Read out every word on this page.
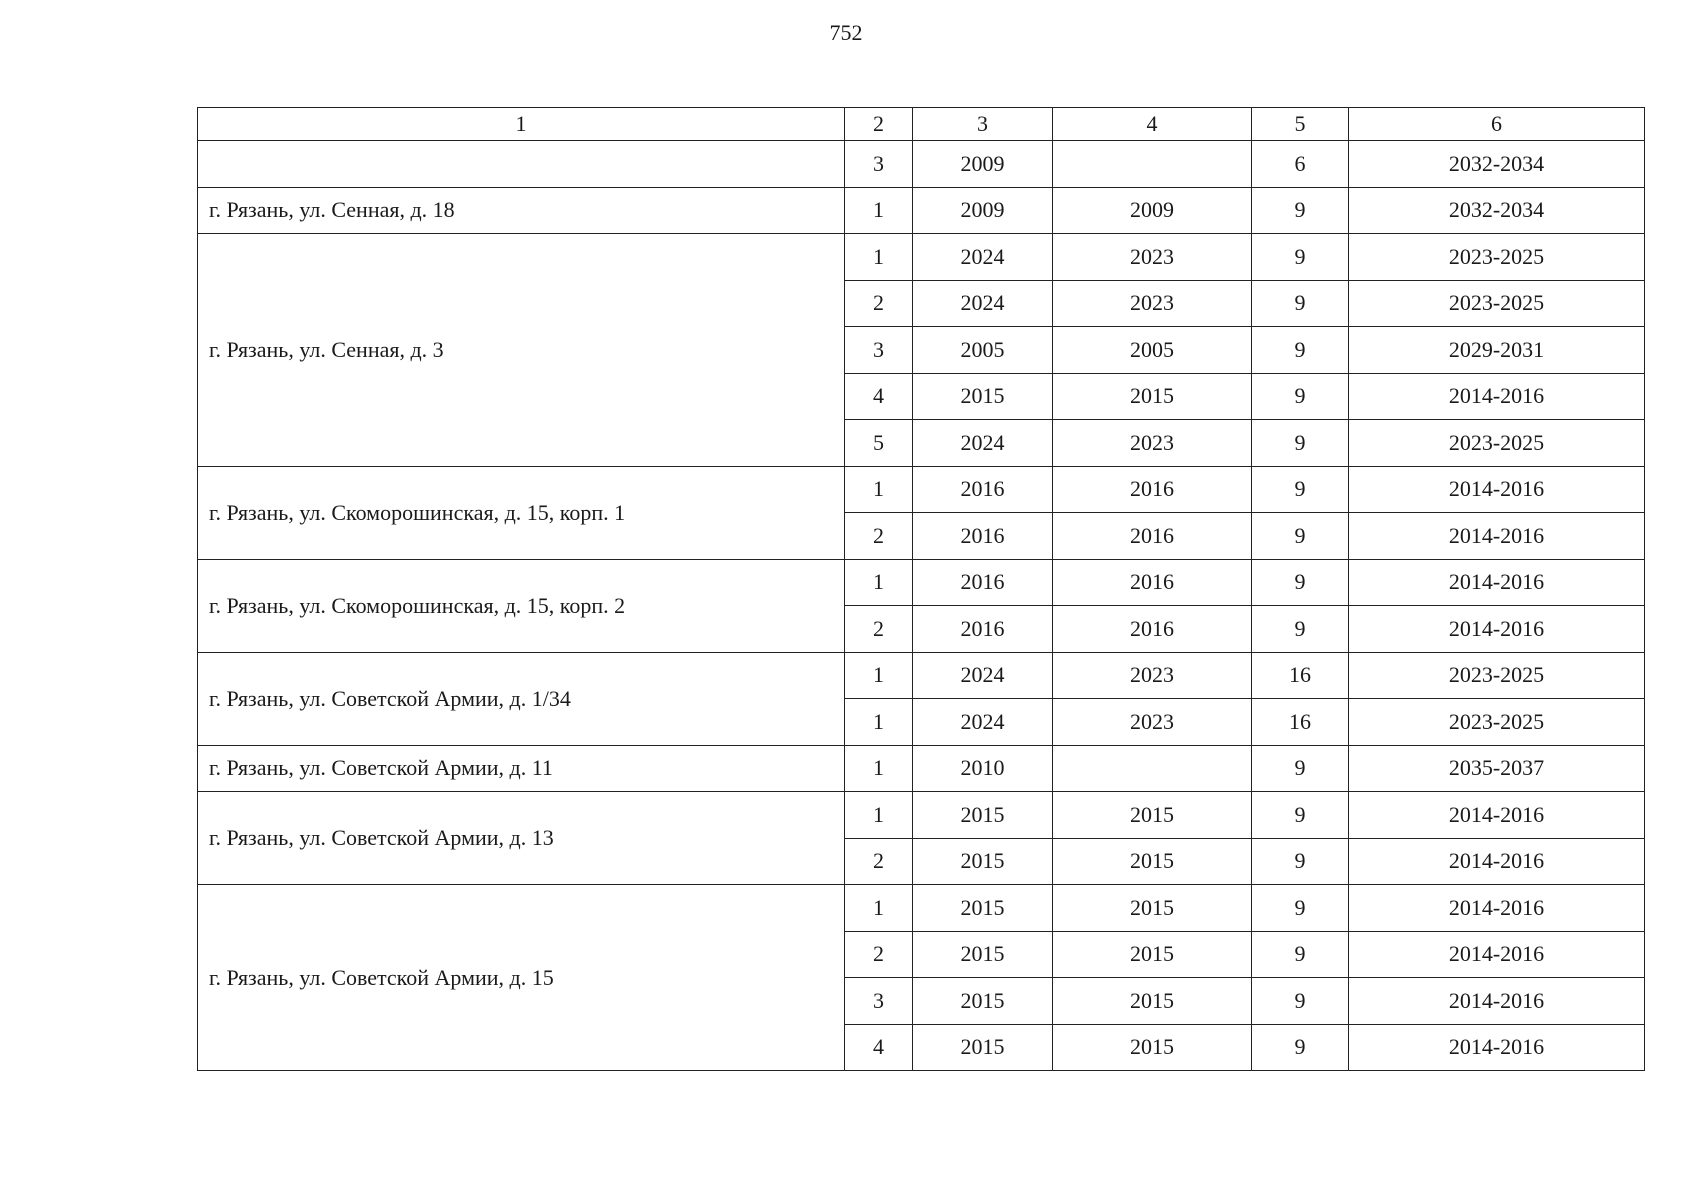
752
1	2	3	4	5	6
	3	2009		6	2032-2034
г. Рязань, ул. Сенная, д. 18	1	2009	2009	9	2032-2034
г. Рязань, ул. Сенная, д. 3	1	2024	2023	9	2023-2025
	2	2024	2023	9	2023-2025
	3	2005	2005	9	2029-2031
	4	2015	2015	9	2014-2016
	5	2024	2023	9	2023-2025
г. Рязань, ул. Скоморошинская, д. 15, корп. 1	1	2016	2016	9	2014-2016
	2	2016	2016	9	2014-2016
г. Рязань, ул. Скоморошинская, д. 15, корп. 2	1	2016	2016	9	2014-2016
	2	2016	2016	9	2014-2016
г. Рязань, ул. Советской Армии, д. 1/34	1	2024	2023	16	2023-2025
	1	2024	2023	16	2023-2025
г. Рязань, ул. Советской Армии, д. 11	1	2010		9	2035-2037
г. Рязань, ул. Советской Армии, д. 13	1	2015	2015	9	2014-2016
	2	2015	2015	9	2014-2016
г. Рязань, ул. Советской Армии, д. 15	1	2015	2015	9	2014-2016
	2	2015	2015	9	2014-2016
	3	2015	2015	9	2014-2016
	4	2015	2015	9	2014-2016
